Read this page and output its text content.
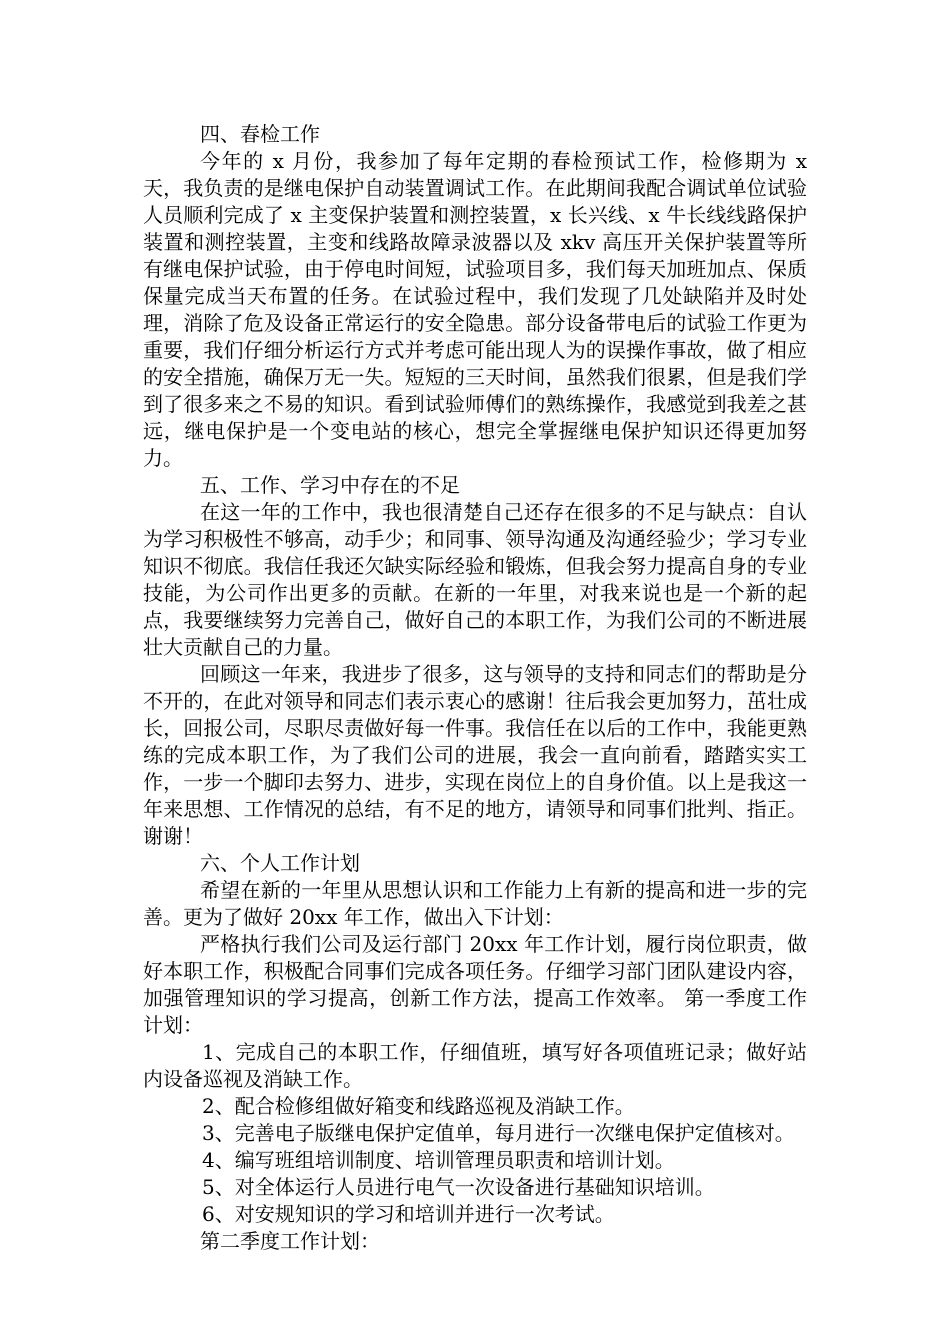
四、春检工作

今年的 x 月份，我参加了每年定期的春检预试工作，检修期为 x 天，我负责的是继电保护自动装置调试工作。在此期间我配合调试单位试验人员顺利完成了 x 主变保护装置和测控装置，x 长兴线、x 牛长线线路保护装置和测控装置，主变和线路故障录波器以及 xkv 高压开关保护装置等所有继电保护试验，由于停电时间短，试验项目多，我们每天加班加点、保质保量完成当天布置的任务。在试验过程中，我们发现了几处缺陷并及时处理，消除了危及设备正常运行的安全隐患。部分设备带电后的试验工作更为重要，我们仔细分析运行方式并考虑可能出现人为的误操作事故，做了相应的安全措施，确保万无一失。短短的三天时间，虽然我们很累，但是我们学到了很多来之不易的知识。看到试验师傅们的熟练操作，我感觉到我差之甚远，继电保护是一个变电站的核心，想完全掌握继电保护知识还得更加努力。

五、工作、学习中存在的不足

在这一年的工作中，我也很清楚自己还存在很多的不足与缺点：自认为学习积极性不够高，动手少；和同事、领导沟通及沟通经验少；学习专业知识不彻底。我信任我还欠缺实际经验和锻炼，但我会努力提高自身的专业技能，为公司作出更多的贡献。在新的一年里，对我来说也是一个新的起点，我要继续努力完善自己，做好自己的本职工作，为我们公司的不断进展壮大贡献自己的力量。

回顾这一年来，我进步了很多，这与领导的支持和同志们的帮助是分不开的，在此对领导和同志们表示衷心的感谢！往后我会更加努力，茁壮成长，回报公司，尽职尽责做好每一件事。我信任在以后的工作中，我能更熟练的完成本职工作，为了我们公司的进展，我会一直向前看，踏踏实实工作，一步一个脚印去努力、进步，实现在岗位上的自身价值。以上是我这一年来思想、工作情况的总结，有不足的地方，请领导和同事们批判、指正。谢谢！

六、个人工作计划

希望在新的一年里从思想认识和工作能力上有新的提高和进一步的完善。更为了做好 20xx 年工作，做出入下计划：

严格执行我们公司及运行部门 20xx 年工作计划，履行岗位职责，做好本职工作，积极配合同事们完成各项任务。仔细学习部门团队建设内容，加强管理知识的学习提高，创新工作方法，提高工作效率。 第一季度工作计划：

1、完成自己的本职工作，仔细值班，填写好各项值班记录；做好站内设备巡视及消缺工作。

2、配合检修组做好箱变和线路巡视及消缺工作。

3、完善电子版继电保护定值单，每月进行一次继电保护定值核对。

4、编写班组培训制度、培训管理员职责和培训计划。

5、对全体运行人员进行电气一次设备进行基础知识培训。

6、对安规知识的学习和培训并进行一次考试。

第二季度工作计划：
